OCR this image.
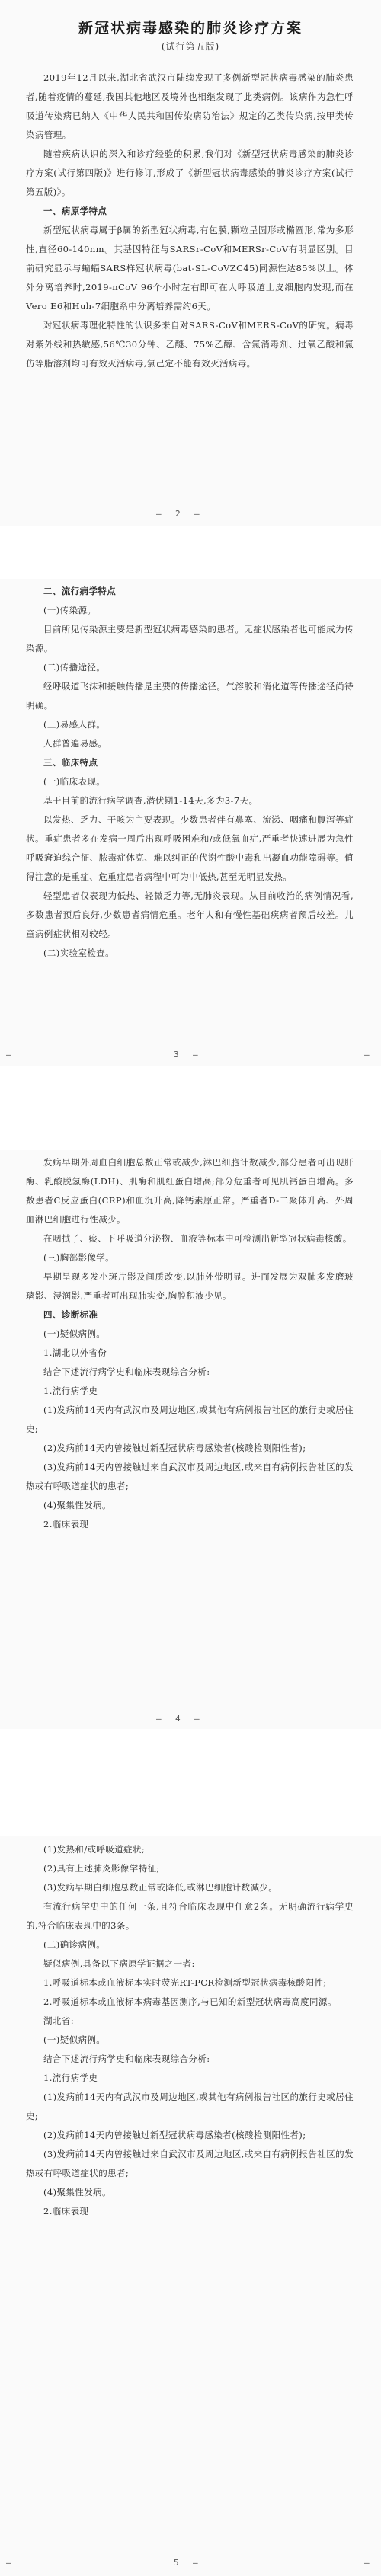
新冠状病毒感染的肺炎诊疗方案
(试行第五版)

2019年12月以来,湖北省武汉市陆续发现了多例新型冠状病毒感染的肺炎患者,随着疫情的蔓延,我国其他地区及境外也相继发现了此类病例。该病作为急性呼吸道传染病已纳入《中华人民共和国传染病防治法》规定的乙类传染病,按甲类传染病管理。

随着疾病认识的深入和诊疗经验的积累,我们对《新型冠状病毒感染的肺炎诊疗方案(试行第四版)》进行修订,形成了《新型冠状病毒感染的肺炎诊疗方案(试行第五版)》。

一、病原学特点

新型冠状病毒属于β属的新型冠状病毒,有包膜,颗粒呈圆形或椭圆形,常为多形性,直径60-140nm。其基因特征与SARSr-CoV和MERSr-CoV有明显区别。目前研究显示与蝙蝠SARS样冠状病毒(bat-SL-CoVZC45)同源性达85%以上。体外分离培养时,2019-nCoV 96个小时左右即可在人呼吸道上皮细胞内发现,而在Vero E6和Huh-7细胞系中分离培养需约6天。

对冠状病毒理化特性的认识多来自对SARS-CoV和MERS-CoV的研究。病毒对紫外线和热敏感,56℃30分钟、乙醚、75%乙醇、含氯消毒剂、过氧乙酸和氯仿等脂溶剂均可有效灭活病毒,氯己定不能有效灭活病毒。

— 2 —

二、流行病学特点

(一)传染源。

目前所见传染源主要是新型冠状病毒感染的患者。无症状感染者也可能成为传染源。

(二)传播途径。

经呼吸道飞沫和接触传播是主要的传播途径。气溶胶和消化道等传播途径尚待明确。

(三)易感人群。

人群普遍易感。

三、临床特点

(一)临床表现。

基于目前的流行病学调查,潜伏期1-14天,多为3-7天。

以发热、乏力、干咳为主要表现。少数患者伴有鼻塞、流涕、咽痛和腹泻等症状。重症患者多在发病一周后出现呼吸困难和/或低氧血症,严重者快速进展为急性呼吸窘迫综合征、脓毒症休克、难以纠正的代谢性酸中毒和出凝血功能障碍等。值得注意的是重症、危重症患者病程中可为中低热,甚至无明显发热。

轻型患者仅表现为低热、轻微乏力等,无肺炎表现。从目前收治的病例情况看,多数患者预后良好,少数患者病情危重。老年人和有慢性基础疾病者预后较差。儿童病例症状相对较轻。

(二)实验室检查。

—	3 —	—

发病早期外周血白细胞总数正常或减少,淋巴细胞计数减少,部分患者可出现肝酶、乳酸脱氢酶(LDH)、肌酶和肌红蛋白增高;部分危重者可见肌钙蛋白增高。多数患者C反应蛋白(CRP)和血沉升高,降钙素原正常。严重者D-二聚体升高、外周血淋巴细胞进行性减少。

在咽拭子、痰、下呼吸道分泌物、血液等标本中可检测出新型冠状病毒核酸。

(三)胸部影像学。

早期呈现多发小斑片影及间质改变,以肺外带明显。进而发展为双肺多发磨玻璃影、浸润影,严重者可出现肺实变,胸腔积液少见。

四、诊断标准

(一)疑似病例。

1.湖北以外省份

结合下述流行病学史和临床表现综合分析:

1.流行病学史

(1)发病前14天内有武汉市及周边地区,或其他有病例报告社区的旅行史或居住史;

(2)发病前14天内曾接触过新型冠状病毒感染者(核酸检测阳性者);

(3)发病前14天内曾接触过来自武汉市及周边地区,或来自有病例报告社区的发热或有呼吸道症状的患者;

(4)聚集性发病。

2.临床表现

— 4 —

(1)发热和/或呼吸道症状;

(2)具有上述肺炎影像学特征;

(3)发病早期白细胞总数正常或降低,或淋巴细胞计数减少。

有流行病学史中的任何一条,且符合临床表现中任意2条。无明确流行病学史的,符合临床表现中的3条。

(二)确诊病例。

疑似病例,具备以下病原学证据之一者:

1.呼吸道标本或血液标本实时荧光RT-PCR检测新型冠状病毒核酸阳性;

2.呼吸道标本或血液标本病毒基因测序,与已知的新型冠状病毒高度同源。

湖北省:

(一)疑似病例。

结合下述流行病学史和临床表现综合分析:

1.流行病学史

(1)发病前14天内有武汉市及周边地区,或其他有病例报告社区的旅行史或居住史;

(2)发病前14天内曾接触过新型冠状病毒感染者(核酸检测阳性者);

(3)发病前14天内曾接触过来自武汉市及周边地区,或来自有病例报告社区的发热或有呼吸道症状的患者;

(4)聚集性发病。

2.临床表现

—	5 —	—
